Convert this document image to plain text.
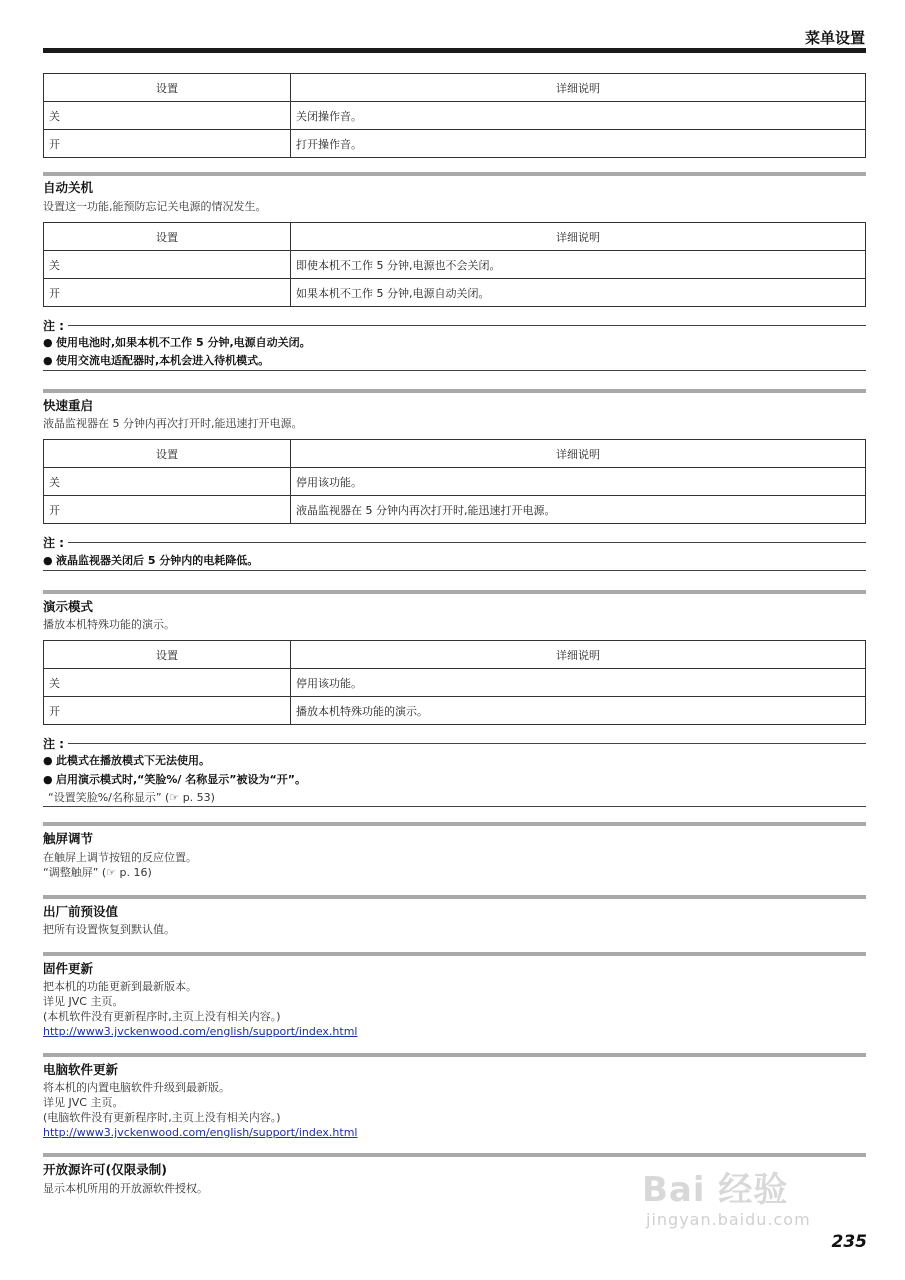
菜单设置
设置	详细说明
关	关闭操作音。
开	打开操作音。
自动关机
设置这一功能,能预防忘记关电源的情况发生。
设置	详细说明
关	即使本机不工作 5 分钟,电源也不会关闭。
开	如果本机不工作 5 分钟,电源自动关闭。
注 :
● 使用电池时,如果本机不工作 5 分钟,电源自动关闭。
● 使用交流电适配器时,本机会进入待机模式。
快速重启
液晶监视器在 5 分钟内再次打开时,能迅速打开电源。
设置	详细说明
关	停用该功能。
开	液晶监视器在 5 分钟内再次打开时,能迅速打开电源。
注 :
● 液晶监视器关闭后 5 分钟内的电耗降低。
演示模式
播放本机特殊功能的演示。
设置	详细说明
关	停用该功能。
开	播放本机特殊功能的演示。
注 :
● 此模式在播放模式下无法使用。
● 启用演示模式时,“笑脸%/ 名称显示”被设为“开”。
“设置笑脸%/名称显示” (☞ p. 53)
触屏调节
在触屏上调节按钮的反应位置。
“调整触屏” (☞ p. 16)
出厂前预设值
把所有设置恢复到默认值。
固件更新
把本机的功能更新到最新版本。
详见 JVC 主页。
(本机软件没有更新程序时,主页上没有相关内容。)
http://www3.jvckenwood.com/english/support/index.html
电脑软件更新
将本机的内置电脑软件升级到最新版。
详见 JVC 主页。
(电脑软件没有更新程序时,主页上没有相关内容。)
http://www3.jvckenwood.com/english/support/index.html
开放源许可(仅限录制)
显示本机所用的开放源软件授权。	Bai 经验
jingyan.baidu.com
235
